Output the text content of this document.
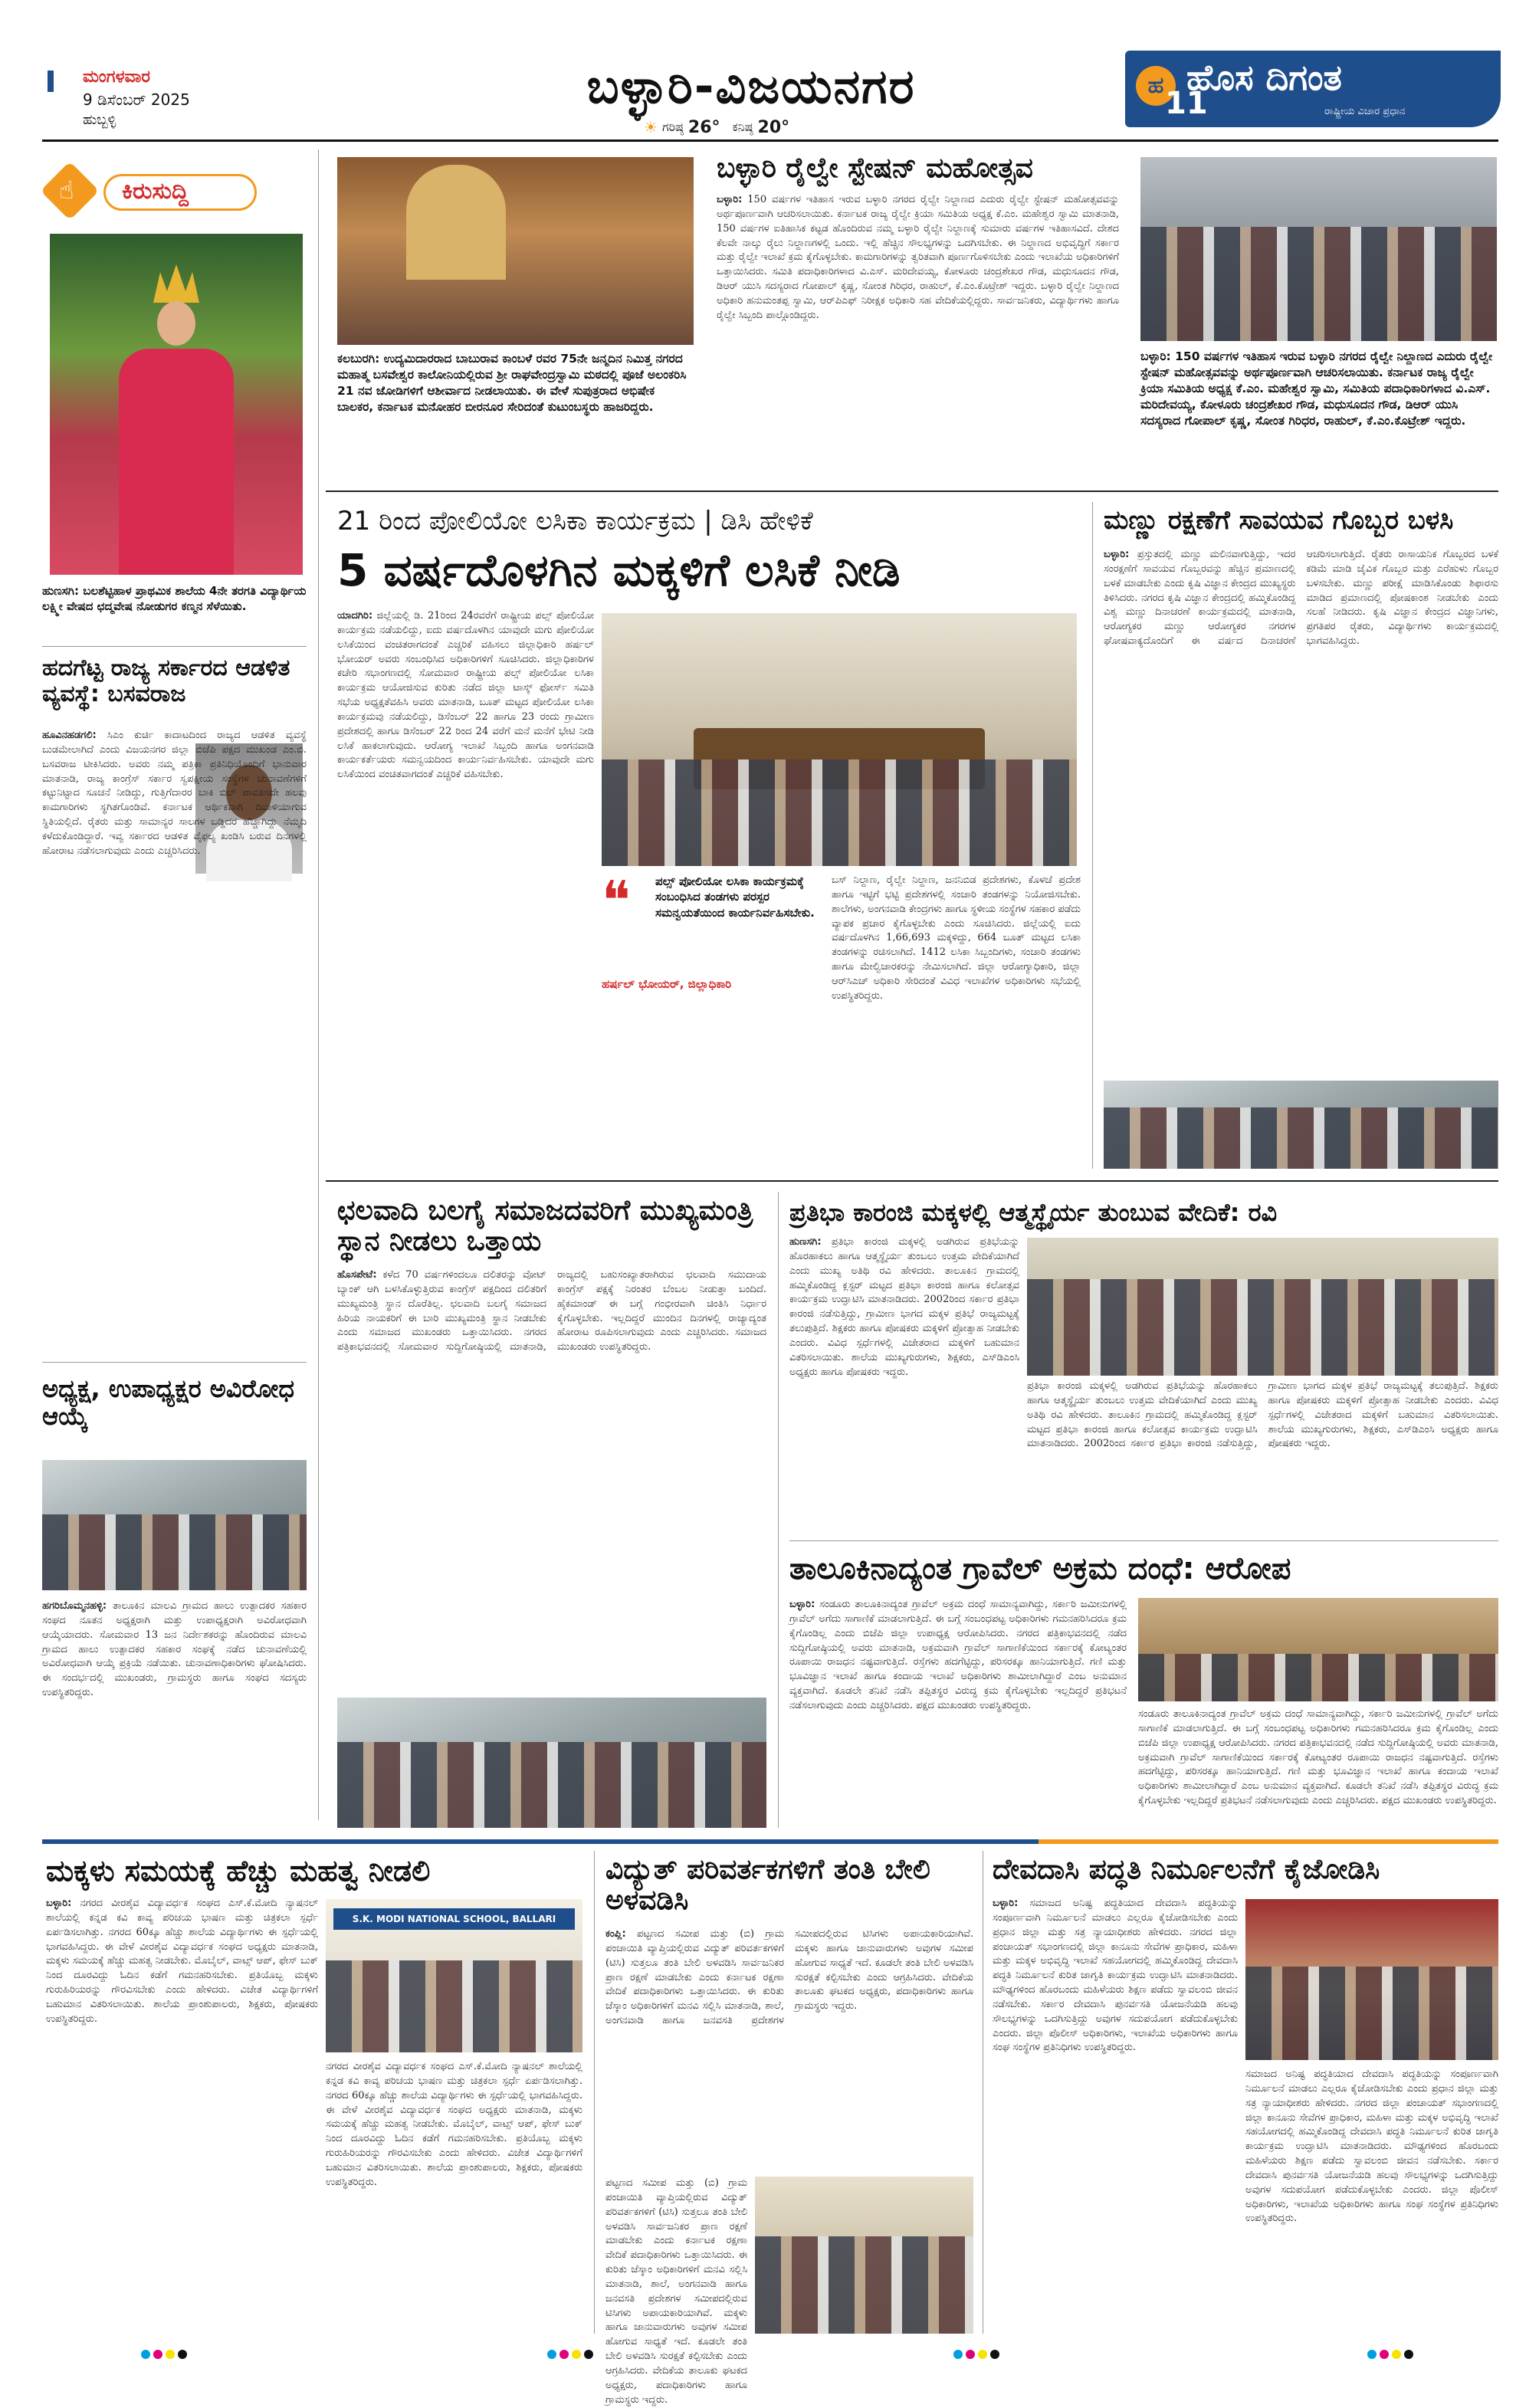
ಮಂಗಳವಾರ
9 ಡಿಸೆಂಬರ್ 2025
ಹುಬ್ಬಳ್ಳಿ
ಬಳ್ಳಾರಿ-ವಿಜಯನಗರ
☀ ಗರಿಷ್ಠ 26° ಕನಿಷ್ಠ 20°
ಹ ಹೊಸ ದಿಗಂತ
ರಾಷ್ಟ್ರೀಯ ವಿಚಾರ ಪ್ರಧಾನ
11
☝ ಕಿರುಸುದ್ದಿ
ಹುಣಸಗಿ: ಬಲಶೆಟ್ಟಿಹಾಳ ಪ್ರಾಥಮಿಕ ಶಾಲೆಯ 4ನೇ ತರಗತಿ ವಿದ್ಯಾರ್ಥಿಯ ಲಕ್ಷ್ಮೀ ವೇಷದ ಛದ್ಮವೇಷ ನೋಡುಗರ ಕಣ್ಮನ ಸೆಳೆಯಿತು.
ಹದಗೆಟ್ಟ ರಾಜ್ಯ ಸರ್ಕಾರದ ಆಡಳಿತ ವ್ಯವಸ್ಥೆ: ಬಸವರಾಜ
ಹೂವಿನಹಡಗಲಿ: ಸಿಎಂ ಕುರ್ಚಿ ಕಾದಾಟದಿಂದ ರಾಜ್ಯದ ಆಡಳಿತ ವ್ಯವಸ್ಥೆ ಬುಡಮೇಲಾಗಿದೆ ಎಂದು ವಿಜಯನಗರ ಜಿಲ್ಲಾ ಬಿಜೆಪಿ ಪಕ್ಷದ ಮುಖಂಡ ಎಂ.ಬಿ. ಬಸವರಾಜ ಟೀಕಿಸಿದರು. ಅವರು ನಮ್ಮ ಪತ್ರಿಕಾ ಪ್ರತಿನಿಧಿಯೊಂದಿಗೆ ಭಾನುವಾರ ಮಾತನಾಡಿ, ರಾಜ್ಯ ಕಾಂಗ್ರೆಸ್ ಸರ್ಕಾರ ಸ್ವಪಕ್ಷೀಯ ಸಂಸ್ಥೆಗಳ ಚುನಾವಣೆಗಳಿಗೆ ಕಟ್ಟುನಿಟ್ಟಾದ ಸೂಚನೆ ನೀಡಿದ್ದು, ಗುತ್ತಿಗೆದಾರರ ಬಾಕಿ ಬಿಲ್ ಪಾವತಿಸದೇ ಹಲವು ಕಾಮಗಾರಿಗಳು ಸ್ಥಗಿತಗೊಂಡಿವೆ. ಕರ್ನಾಟಕ ಆರ್ಥಿಕವಾಗಿ ದಿವಾಳಿಯಾಗುವ ಸ್ಥಿತಿಯಲ್ಲಿದೆ. ರೈತರು ಮತ್ತು ಸಾಮಾನ್ಯರ ಸಾಲಗಳ ಬಡ್ಡಿದರ ಹೆಚ್ಚಾಗಿದ್ದು ನೆಮ್ಮದಿ ಕಳೆದುಕೊಂಡಿದ್ದಾರೆ. ಇವ್ವ ಸರ್ಕಾರದ ಆಡಳಿತ ವೈಫಲ್ಯ ಖಂಡಿಸಿ ಬರುವ ದಿನಗಳಲ್ಲಿ ಹೋರಾಟ ನಡೆಸಲಾಗುವುದು ಎಂದು ಎಚ್ಚರಿಸಿದರು.
ಅಧ್ಯಕ್ಷ, ಉಪಾಧ್ಯಕ್ಷರ ಅವಿರೋಧ ಆಯ್ಕೆ
ಹಗರಿಬೊಮ್ಮನಹಳ್ಳಿ: ತಾಲೂಕಿನ ಮಾಲವಿ ಗ್ರಾಮದ ಹಾಲು ಉತ್ಪಾದಕರ ಸಹಕಾರ ಸಂಘದ ನೂತನ ಅಧ್ಯಕ್ಷರಾಗಿ ಮತ್ತು ಉಪಾಧ್ಯಕ್ಷರಾಗಿ ಅವಿರೋಧವಾಗಿ ಆಯ್ಕೆಯಾದರು. ಸೋಮವಾರ 13 ಜನ ನಿರ್ದೇಶಕರನ್ನು ಹೊಂದಿರುವ ಮಾಲವಿ ಗ್ರಾಮದ ಹಾಲು ಉತ್ಪಾದಕರ ಸಹಕಾರ ಸಂಘಕ್ಕೆ ನಡೆದ ಚುನಾವಣೆಯಲ್ಲಿ ಅವಿರೋಧವಾಗಿ ಆಯ್ಕೆ ಪ್ರಕ್ರಿಯೆ ನಡೆಯಿತು. ಚುನಾವಣಾಧಿಕಾರಿಗಳು ಘೋಷಿಸಿದರು. ಈ ಸಂದರ್ಭದಲ್ಲಿ ಮುಖಂಡರು, ಗ್ರಾಮಸ್ಥರು ಹಾಗೂ ಸಂಘದ ಸದಸ್ಯರು ಉಪಸ್ಥಿತರಿದ್ದರು.
ಕಲಬುರಗಿ: ಉದ್ಯಮಿದಾರರಾದ ಬಾಬುರಾವ ಕಾಂಬಳೆ ರವರ 75ನೇ ಜನ್ಮದಿನ ನಿಮಿತ್ತ ನಗರದ ಮಹಾತ್ಮ ಬಸವೇಶ್ವರ ಕಾಲೋನಿಯಲ್ಲಿರುವ ಶ್ರೀ ರಾಘವೇಂದ್ರಸ್ವಾಮಿ ಮಠದಲ್ಲಿ ಪೂಜೆ ಅಲಂಕರಿಸಿ 21 ನವ ಜೋಡಿಗಳಿಗೆ ಆಶೀರ್ವಾದ ನೀಡಲಾಯಿತು. ಈ ವೇಳೆ ಸುಪುತ್ರರಾದ ಅಭಿಷೇಕ ಬಾಲಕರ, ಕರ್ನಾಟಕ ಮನೋಹರ ಬೀರನೂರ ಸೇರಿದಂತೆ ಕುಟುಂಬಸ್ಥರು ಹಾಜರಿದ್ದರು.
ಬಳ್ಳಾರಿ ರೈಲ್ವೇ ಸ್ಟೇಷನ್ ಮಹೋತ್ಸವ
ಬಳ್ಳಾರಿ: 150 ವರ್ಷಗಳ ಇತಿಹಾಸ ಇರುವ ಬಳ್ಳಾರಿ ನಗರದ ರೈಲ್ವೇ ನಿಲ್ದಾಣದ ಎದುರು ರೈಲ್ವೇ ಸ್ಟೇಷನ್ ಮಹೋತ್ಸವವನ್ನು ಅರ್ಥಪೂರ್ಣವಾಗಿ ಆಚರಿಸಲಾಯಿತು. ಕರ್ನಾಟಕ ರಾಜ್ಯ ರೈಲ್ವೇ ಕ್ರಿಯಾ ಸಮಿತಿಯ ಅಧ್ಯಕ್ಷ ಕೆ.ಎಂ. ಮಹೇಶ್ವರ ಸ್ವಾಮಿ ಮಾತನಾಡಿ, 150 ವರ್ಷಗಳ ಐತಿಹಾಸಿಕ ಕಟ್ಟಡ ಹೊಂದಿರುವ ನಮ್ಮ ಬಳ್ಳಾರಿ ರೈಲ್ವೇ ನಿಲ್ದಾಣಕ್ಕೆ ಸುಮಾರು ವರ್ಷಗಳ ಇತಿಹಾಸವಿದೆ. ದೇಶದ ಕೆಲವೇ ನಾಲ್ಕು ರೈಲು ನಿಲ್ದಾಣಗಳಲ್ಲಿ ಒಂದು. ಇಲ್ಲಿ ಹೆಚ್ಚಿನ ಸೌಲಭ್ಯಗಳನ್ನು ಒದಗಿಸಬೇಕು. ಈ ನಿಲ್ದಾಣದ ಅಭಿವೃದ್ಧಿಗೆ ಸರ್ಕಾರ ಮತ್ತು ರೈಲ್ವೇ ಇಲಾಖೆ ಕ್ರಮ ಕೈಗೊಳ್ಳಬೇಕು. ಕಾಮಗಾರಿಗಳನ್ನು ತ್ವರಿತವಾಗಿ ಪೂರ್ಣಗೊಳಿಸಬೇಕು ಎಂದು ಇಲಾಖೆಯ ಅಧಿಕಾರಿಗಳಿಗೆ ಒತ್ತಾಯಿಸಿದರು. ಸಮಿತಿ ಪದಾಧಿಕಾರಿಗಳಾದ ವಿ.ಎಸ್. ಮರಿದೇವಯ್ಯ, ಕೋಳೂರು ಚಂದ್ರಶೇಖರ ಗೌಡ, ಮಧುಸೂದನ ಗೌಡ, ಡಿಆರ್ ಯುಸಿ ಸದಸ್ಯರಾದ ಗೋಪಾಲ್ ಕೃಷ್ಣ, ಸೋಂತ ಗಿರಿಧರ, ರಾಹುಲ್, ಕೆ.ಎಂ.ಕೊಟ್ರೇಶ್ ಇದ್ದರು. ಬಳ್ಳಾರಿ ರೈಲ್ವೇ ನಿಲ್ದಾಣದ ಅಧಿಕಾರಿ ಹನುಮಂತಪ್ಪ ಸ್ವಾಮಿ, ಆರ್‌ಪಿಎಫ್ ನಿರೀಕ್ಷಕ ಅಧಿಕಾರಿ ಸಹ ವೇದಿಕೆಯಲ್ಲಿದ್ದರು. ಸಾರ್ವಜನಿಕರು, ವಿದ್ಯಾರ್ಥಿಗಳು ಹಾಗೂ ರೈಲ್ವೇ ಸಿಬ್ಬಂದಿ ಪಾಲ್ಗೊಂಡಿದ್ದರು.
ಬಳ್ಳಾರಿ: 150 ವರ್ಷಗಳ ಇತಿಹಾಸ ಇರುವ ಬಳ್ಳಾರಿ ನಗರದ ರೈಲ್ವೇ ನಿಲ್ದಾಣದ ಎದುರು ರೈಲ್ವೇ ಸ್ಟೇಷನ್ ಮಹೋತ್ಸವವನ್ನು ಅರ್ಥಪೂರ್ಣವಾಗಿ ಆಚರಿಸಲಾಯಿತು. ಕರ್ನಾಟಕ ರಾಜ್ಯ ರೈಲ್ವೇ ಕ್ರಿಯಾ ಸಮಿತಿಯ ಅಧ್ಯಕ್ಷ ಕೆ.ಎಂ. ಮಹೇಶ್ವರ ಸ್ವಾಮಿ, ಸಮಿತಿಯ ಪದಾಧಿಕಾರಿಗಳಾದ ವಿ.ಎಸ್. ಮರಿದೇವಯ್ಯ, ಕೋಳೂರು ಚಂದ್ರಶೇಖರ ಗೌಡ, ಮಧುಸೂದನ ಗೌಡ, ಡಿಆರ್ ಯುಸಿ ಸದಸ್ಯರಾದ ಗೋಪಾಲ್ ಕೃಷ್ಣ, ಸೋಂತ ಗಿರಿಧರ, ರಾಹುಲ್, ಕೆ.ಎಂ.ಕೊಟ್ರೇಶ್ ಇದ್ದರು.
21 ರಿಂದ ಪೋಲಿಯೋ ಲಸಿಕಾ ಕಾರ್ಯಕ್ರಮ | ಡಿಸಿ ಹೇಳಿಕೆ
5 ವರ್ಷದೊಳಗಿನ ಮಕ್ಕಳಿಗೆ ಲಸಿಕೆ ನೀಡಿ
ಯಾದಗಿರಿ: ಜಿಲ್ಲೆಯಲ್ಲಿ ಡಿ. 21ರಿಂದ 24ರವರೆಗೆ ರಾಷ್ಟ್ರೀಯ ಪಲ್ಸ್ ಪೋಲಿಯೋ ಕಾರ್ಯಕ್ರಮ ನಡೆಯಲಿದ್ದು, ಐದು ವರ್ಷದೊಳಗಿನ ಯಾವುದೇ ಮಗು ಪೋಲಿಯೋ ಲಸಿಕೆಯಿಂದ ವಂಚಿತರಾಗದಂತೆ ಎಚ್ಚರಿಕೆ ವಹಿಸಲು ಜಿಲ್ಲಾಧಿಕಾರಿ ಹರ್ಷಲ್ ಭೋಯರ್ ಅವರು ಸಂಬಂಧಿಸಿದ ಅಧಿಕಾರಿಗಳಿಗೆ ಸೂಚಿಸಿದರು. ಜಿಲ್ಲಾಧಿಕಾರಿಗಳ ಕಚೇರಿ ಸಭಾಂಗಣದಲ್ಲಿ ಸೋಮವಾರ ರಾಷ್ಟ್ರೀಯ ಪಲ್ಸ್ ಪೋಲಿಯೋ ಲಸಿಕಾ ಕಾರ್ಯಕ್ರಮ ಆಯೋಜಿಸುವ ಕುರಿತು ನಡೆದ ಜಿಲ್ಲಾ ಟಾಸ್ಕ್ ಫೋರ್ಸ್ ಸಮಿತಿ ಸಭೆಯ ಅಧ್ಯಕ್ಷತೆವಹಿಸಿ ಅವರು ಮಾತನಾಡಿ, ಬೂತ್ ಮಟ್ಟದ ಪೋಲಿಯೋ ಲಸಿಕಾ ಕಾರ್ಯಕ್ರಮವು ನಡೆಯಲಿದ್ದು, ಡಿಸೆಂಬರ್ 22 ಹಾಗೂ 23 ರಂದು ಗ್ರಾಮೀಣ ಪ್ರದೇಶದಲ್ಲಿ ಹಾಗೂ ಡಿಸೆಂಬರ್ 22 ರಿಂದ 24 ವರೆಗೆ ಮನೆ ಮನೆಗೆ ಭೇಟಿ ನೀಡಿ ಲಸಿಕೆ ಹಾಕಲಾಗುವುದು. ಆರೋಗ್ಯ ಇಲಾಖೆ ಸಿಬ್ಬಂದಿ ಹಾಗೂ ಅಂಗನವಾಡಿ ಕಾರ್ಯಕರ್ತೆಯರು ಸಮನ್ವಯದಿಂದ ಕಾರ್ಯನಿರ್ವಹಿಸಬೇಕು. ಯಾವುದೇ ಮಗು ಲಸಿಕೆಯಿಂದ ವಂಚಿತವಾಗದಂತೆ ಎಚ್ಚರಿಕೆ ವಹಿಸಬೇಕು.
❝ ಪಲ್ಸ್ ಪೋಲಿಯೋ ಲಸಿಕಾ ಕಾರ್ಯಕ್ರಮಕ್ಕೆ ಸಂಬಂಧಿಸಿದ ತಂಡಗಳು ಪರಸ್ಪರ ಸಮನ್ವಯತೆಯಿಂದ ಕಾರ್ಯನಿರ್ವಹಿಸಬೇಕು.
ಹರ್ಷಲ್ ಭೋಯರ್, ಜಿಲ್ಲಾಧಿಕಾರಿ
ಬಸ್ ನಿಲ್ದಾಣ, ರೈಲ್ವೇ ನಿಲ್ದಾಣ, ಜನನಿಬಿಡ ಪ್ರದೇಶಗಳು, ಕೊಳಚೆ ಪ್ರದೇಶ ಹಾಗೂ ಇಟ್ಟಿಗೆ ಭಟ್ಟಿ ಪ್ರದೇಶಗಳಲ್ಲಿ ಸಂಚಾರಿ ತಂಡಗಳನ್ನು ನಿಯೋಜಿಸಬೇಕು. ಶಾಲೆಗಳು, ಅಂಗನವಾಡಿ ಕೇಂದ್ರಗಳು ಹಾಗೂ ಸ್ಥಳೀಯ ಸಂಸ್ಥೆಗಳ ಸಹಕಾರ ಪಡೆದು ವ್ಯಾಪಕ ಪ್ರಚಾರ ಕೈಗೊಳ್ಳಬೇಕು ಎಂದು ಸೂಚಿಸಿದರು. ಜಿಲ್ಲೆಯಲ್ಲಿ ಐದು ವರ್ಷದೊಳಗಿನ 1,66,693 ಮಕ್ಕಳಿದ್ದು, 664 ಬೂತ್ ಮಟ್ಟದ ಲಸಿಕಾ ತಂಡಗಳನ್ನು ರಚಿಸಲಾಗಿದೆ. 1412 ಲಸಿಕಾ ಸಿಬ್ಬಂದಿಗಳು, ಸಂಚಾರಿ ತಂಡಗಳು ಹಾಗೂ ಮೇಲ್ವಿಚಾರಕರನ್ನು ನೇಮಿಸಲಾಗಿದೆ. ಜಿಲ್ಲಾ ಆರೋಗ್ಯಾಧಿಕಾರಿ, ಜಿಲ್ಲಾ ಆರ್‌ಸಿಎಚ್ ಅಧಿಕಾರಿ ಸೇರಿದಂತೆ ವಿವಿಧ ಇಲಾಖೆಗಳ ಅಧಿಕಾರಿಗಳು ಸಭೆಯಲ್ಲಿ ಉಪಸ್ಥಿತರಿದ್ದರು.
ಮಣ್ಣು ರಕ್ಷಣೆಗೆ ಸಾವಯವ ಗೊಬ್ಬರ ಬಳಸಿ
ಬಳ್ಳಾರಿ: ಪ್ರಸ್ತುತದಲ್ಲಿ ಮಣ್ಣು ಮಲಿನವಾಗುತ್ತಿದ್ದು, ಇದರ ಸಂರಕ್ಷಣೆಗೆ ಸಾವಯವ ಗೊಬ್ಬರವನ್ನು ಹೆಚ್ಚಿನ ಪ್ರಮಾಣದಲ್ಲಿ ಬಳಕೆ ಮಾಡಬೇಕು ಎಂದು ಕೃಷಿ ವಿಜ್ಞಾನ ಕೇಂದ್ರದ ಮುಖ್ಯಸ್ಥರು ತಿಳಿಸಿದರು. ನಗರದ ಕೃಷಿ ವಿಜ್ಞಾನ ಕೇಂದ್ರದಲ್ಲಿ ಹಮ್ಮಿಕೊಂಡಿದ್ದ ವಿಶ್ವ ಮಣ್ಣು ದಿನಾಚರಣೆ ಕಾರ್ಯಕ್ರಮದಲ್ಲಿ ಮಾತನಾಡಿ, ಆರೋಗ್ಯಕರ ಮಣ್ಣು ಆರೋಗ್ಯಕರ ನಗರಗಳ ಘೋಷವಾಕ್ಯದೊಂದಿಗೆ ಈ ವರ್ಷದ ದಿನಾಚರಣೆ ಆಚರಿಸಲಾಗುತ್ತಿದೆ. ರೈತರು ರಾಸಾಯನಿಕ ಗೊಬ್ಬರದ ಬಳಕೆ ಕಡಿಮೆ ಮಾಡಿ ಜೈವಿಕ ಗೊಬ್ಬರ ಮತ್ತು ಎರೆಹುಳು ಗೊಬ್ಬರ ಬಳಸಬೇಕು. ಮಣ್ಣು ಪರೀಕ್ಷೆ ಮಾಡಿಸಿಕೊಂಡು ಶಿಫಾರಸು ಮಾಡಿದ ಪ್ರಮಾಣದಲ್ಲಿ ಪೋಷಕಾಂಶ ನೀಡಬೇಕು ಎಂದು ಸಲಹೆ ನೀಡಿದರು. ಕೃಷಿ ವಿಜ್ಞಾನ ಕೇಂದ್ರದ ವಿಜ್ಞಾನಿಗಳು, ಪ್ರಗತಿಪರ ರೈತರು, ವಿದ್ಯಾರ್ಥಿಗಳು ಕಾರ್ಯಕ್ರಮದಲ್ಲಿ ಭಾಗವಹಿಸಿದ್ದರು.
ಛಲವಾದಿ ಬಲಗೈ ಸಮಾಜದವರಿಗೆ ಮುಖ್ಯಮಂತ್ರಿ ಸ್ಥಾನ ನೀಡಲು ಒತ್ತಾಯ
ಹೊಸಪೇಟೆ: ಕಳೆದ 70 ವರ್ಷಗಳಿಂದಲೂ ದಲಿತರನ್ನು ವೋಟ್ ಬ್ಯಾಂಕ್ ಆಗಿ ಬಳಸಿಕೊಳ್ಳುತ್ತಿರುವ ಕಾಂಗ್ರೆಸ್ ಪಕ್ಷದಿಂದ ದಲಿತರಿಗೆ ಮುಖ್ಯಮಂತ್ರಿ ಸ್ಥಾನ ದೊರೆತಿಲ್ಲ. ಛಲವಾದಿ ಬಲಗೈ ಸಮಾಜದ ಹಿರಿಯ ನಾಯಕರಿಗೆ ಈ ಬಾರಿ ಮುಖ್ಯಮಂತ್ರಿ ಸ್ಥಾನ ನೀಡಬೇಕು ಎಂದು ಸಮಾಜದ ಮುಖಂಡರು ಒತ್ತಾಯಿಸಿದರು. ನಗರದ ಪತ್ರಿಕಾಭವನದಲ್ಲಿ ಸೋಮವಾರ ಸುದ್ದಿಗೋಷ್ಠಿಯಲ್ಲಿ ಮಾತನಾಡಿ, ರಾಜ್ಯದಲ್ಲಿ ಬಹುಸಂಖ್ಯಾತರಾಗಿರುವ ಛಲವಾದಿ ಸಮುದಾಯ ಕಾಂಗ್ರೆಸ್ ಪಕ್ಷಕ್ಕೆ ನಿರಂತರ ಬೆಂಬಲ ನೀಡುತ್ತಾ ಬಂದಿದೆ. ಹೈಕಮಾಂಡ್ ಈ ಬಗ್ಗೆ ಗಂಭೀರವಾಗಿ ಚಿಂತಿಸಿ ನಿರ್ಧಾರ ಕೈಗೊಳ್ಳಬೇಕು. ಇಲ್ಲದಿದ್ದರೆ ಮುಂದಿನ ದಿನಗಳಲ್ಲಿ ರಾಜ್ಯಾದ್ಯಂತ ಹೋರಾಟ ರೂಪಿಸಲಾಗುವುದು ಎಂದು ಎಚ್ಚರಿಸಿದರು. ಸಮಾಜದ ಮುಖಂಡರು ಉಪಸ್ಥಿತರಿದ್ದರು.
ಪ್ರತಿಭಾ ಕಾರಂಜಿ ಮಕ್ಕಳಲ್ಲಿ ಆತ್ಮಸ್ಥೈರ್ಯ ತುಂಬುವ ವೇದಿಕೆ: ರವಿ
ಹುಣಸಗಿ: ಪ್ರತಿಭಾ ಕಾರಂಜಿ ಮಕ್ಕಳಲ್ಲಿ ಅಡಗಿರುವ ಪ್ರತಿಭೆಯನ್ನು ಹೊರಹಾಕಲು ಹಾಗೂ ಆತ್ಮಸ್ಥೈರ್ಯ ತುಂಬಲು ಉತ್ತಮ ವೇದಿಕೆಯಾಗಿದೆ ಎಂದು ಮುಖ್ಯ ಅತಿಥಿ ರವಿ ಹೇಳಿದರು. ತಾಲೂಕಿನ ಗ್ರಾಮದಲ್ಲಿ ಹಮ್ಮಿಕೊಂಡಿದ್ದ ಕ್ಲಸ್ಟರ್ ಮಟ್ಟದ ಪ್ರತಿಭಾ ಕಾರಂಜಿ ಹಾಗೂ ಕಲೋತ್ಸವ ಕಾರ್ಯಕ್ರಮ ಉದ್ಘಾಟಿಸಿ ಮಾತನಾಡಿದರು. 2002ರಿಂದ ಸರ್ಕಾರ ಪ್ರತಿಭಾ ಕಾರಂಜಿ ನಡೆಸುತ್ತಿದ್ದು, ಗ್ರಾಮೀಣ ಭಾಗದ ಮಕ್ಕಳ ಪ್ರತಿಭೆ ರಾಜ್ಯಮಟ್ಟಕ್ಕೆ ತಲುಪುತ್ತಿದೆ. ಶಿಕ್ಷಕರು ಹಾಗೂ ಪೋಷಕರು ಮಕ್ಕಳಿಗೆ ಪ್ರೋತ್ಸಾಹ ನೀಡಬೇಕು ಎಂದರು. ವಿವಿಧ ಸ್ಪರ್ಧೆಗಳಲ್ಲಿ ವಿಜೇತರಾದ ಮಕ್ಕಳಿಗೆ ಬಹುಮಾನ ವಿತರಿಸಲಾಯಿತು. ಶಾಲೆಯ ಮುಖ್ಯಗುರುಗಳು, ಶಿಕ್ಷಕರು, ಎಸ್‌ಡಿಎಂಸಿ ಅಧ್ಯಕ್ಷರು ಹಾಗೂ ಪೋಷಕರು ಇದ್ದರು.
ಪ್ರತಿಭಾ ಕಾರಂಜಿ ಮಕ್ಕಳಲ್ಲಿ ಅಡಗಿರುವ ಪ್ರತಿಭೆಯನ್ನು ಹೊರಹಾಕಲು ಹಾಗೂ ಆತ್ಮಸ್ಥೈರ್ಯ ತುಂಬಲು ಉತ್ತಮ ವೇದಿಕೆಯಾಗಿದೆ ಎಂದು ಮುಖ್ಯ ಅತಿಥಿ ರವಿ ಹೇಳಿದರು. ತಾಲೂಕಿನ ಗ್ರಾಮದಲ್ಲಿ ಹಮ್ಮಿಕೊಂಡಿದ್ದ ಕ್ಲಸ್ಟರ್ ಮಟ್ಟದ ಪ್ರತಿಭಾ ಕಾರಂಜಿ ಹಾಗೂ ಕಲೋತ್ಸವ ಕಾರ್ಯಕ್ರಮ ಉದ್ಘಾಟಿಸಿ ಮಾತನಾಡಿದರು. 2002ರಿಂದ ಸರ್ಕಾರ ಪ್ರತಿಭಾ ಕಾರಂಜಿ ನಡೆಸುತ್ತಿದ್ದು, ಗ್ರಾಮೀಣ ಭಾಗದ ಮಕ್ಕಳ ಪ್ರತಿಭೆ ರಾಜ್ಯಮಟ್ಟಕ್ಕೆ ತಲುಪುತ್ತಿದೆ. ಶಿಕ್ಷಕರು ಹಾಗೂ ಪೋಷಕರು ಮಕ್ಕಳಿಗೆ ಪ್ರೋತ್ಸಾಹ ನೀಡಬೇಕು ಎಂದರು. ವಿವಿಧ ಸ್ಪರ್ಧೆಗಳಲ್ಲಿ ವಿಜೇತರಾದ ಮಕ್ಕಳಿಗೆ ಬಹುಮಾನ ವಿತರಿಸಲಾಯಿತು. ಶಾಲೆಯ ಮುಖ್ಯಗುರುಗಳು, ಶಿಕ್ಷಕರು, ಎಸ್‌ಡಿಎಂಸಿ ಅಧ್ಯಕ್ಷರು ಹಾಗೂ ಪೋಷಕರು ಇದ್ದರು.
ತಾಲೂಕಿನಾದ್ಯಂತ ಗ್ರಾವೆಲ್ ಅಕ್ರಮ ದಂಧೆ: ಆರೋಪ
ಬಳ್ಳಾರಿ: ಸಂಡೂರು ತಾಲೂಕಿನಾದ್ಯಂತ ಗ್ರಾವೆಲ್ ಅಕ್ರಮ ದಂಧೆ ಸಾಮಾನ್ಯವಾಗಿದ್ದು, ಸರ್ಕಾರಿ ಜಮೀನುಗಳಲ್ಲಿ ಗ್ರಾವೆಲ್ ಅಗೆದು ಸಾಗಾಣಿಕೆ ಮಾಡಲಾಗುತ್ತಿದೆ. ಈ ಬಗ್ಗೆ ಸಂಬಂಧಪಟ್ಟ ಅಧಿಕಾರಿಗಳು ಗಮನಹರಿಸಿದರೂ ಕ್ರಮ ಕೈಗೊಂಡಿಲ್ಲ ಎಂದು ಬಿಜೆಪಿ ಜಿಲ್ಲಾ ಉಪಾಧ್ಯಕ್ಷ ಆರೋಪಿಸಿದರು. ನಗರದ ಪತ್ರಿಕಾಭವನದಲ್ಲಿ ನಡೆದ ಸುದ್ದಿಗೋಷ್ಠಿಯಲ್ಲಿ ಅವರು ಮಾತನಾಡಿ, ಅಕ್ರಮವಾಗಿ ಗ್ರಾವೆಲ್ ಸಾಗಾಣಿಕೆಯಿಂದ ಸರ್ಕಾರಕ್ಕೆ ಕೋಟ್ಯಂತರ ರೂಪಾಯಿ ರಾಜಧನ ನಷ್ಟವಾಗುತ್ತಿದೆ. ರಸ್ತೆಗಳು ಹದಗೆಟ್ಟಿದ್ದು, ಪರಿಸರಕ್ಕೂ ಹಾನಿಯಾಗುತ್ತಿದೆ. ಗಣಿ ಮತ್ತು ಭೂವಿಜ್ಞಾನ ಇಲಾಖೆ ಹಾಗೂ ಕಂದಾಯ ಇಲಾಖೆ ಅಧಿಕಾರಿಗಳು ಶಾಮೀಲಾಗಿದ್ದಾರೆ ಎಂಬ ಅನುಮಾನ ವ್ಯಕ್ತವಾಗಿದೆ. ಕೂಡಲೇ ತನಿಖೆ ನಡೆಸಿ ತಪ್ಪಿತಸ್ಥರ ವಿರುದ್ಧ ಕ್ರಮ ಕೈಗೊಳ್ಳಬೇಕು ಇಲ್ಲದಿದ್ದರೆ ಪ್ರತಿಭಟನೆ ನಡೆಸಲಾಗುವುದು ಎಂದು ಎಚ್ಚರಿಸಿದರು. ಪಕ್ಷದ ಮುಖಂಡರು ಉಪಸ್ಥಿತರಿದ್ದರು.
ಸಂಡೂರು ತಾಲೂಕಿನಾದ್ಯಂತ ಗ್ರಾವೆಲ್ ಅಕ್ರಮ ದಂಧೆ ಸಾಮಾನ್ಯವಾಗಿದ್ದು, ಸರ್ಕಾರಿ ಜಮೀನುಗಳಲ್ಲಿ ಗ್ರಾವೆಲ್ ಅಗೆದು ಸಾಗಾಣಿಕೆ ಮಾಡಲಾಗುತ್ತಿದೆ. ಈ ಬಗ್ಗೆ ಸಂಬಂಧಪಟ್ಟ ಅಧಿಕಾರಿಗಳು ಗಮನಹರಿಸಿದರೂ ಕ್ರಮ ಕೈಗೊಂಡಿಲ್ಲ ಎಂದು ಬಿಜೆಪಿ ಜಿಲ್ಲಾ ಉಪಾಧ್ಯಕ್ಷ ಆರೋಪಿಸಿದರು. ನಗರದ ಪತ್ರಿಕಾಭವನದಲ್ಲಿ ನಡೆದ ಸುದ್ದಿಗೋಷ್ಠಿಯಲ್ಲಿ ಅವರು ಮಾತನಾಡಿ, ಅಕ್ರಮವಾಗಿ ಗ್ರಾವೆಲ್ ಸಾಗಾಣಿಕೆಯಿಂದ ಸರ್ಕಾರಕ್ಕೆ ಕೋಟ್ಯಂತರ ರೂಪಾಯಿ ರಾಜಧನ ನಷ್ಟವಾಗುತ್ತಿದೆ. ರಸ್ತೆಗಳು ಹದಗೆಟ್ಟಿದ್ದು, ಪರಿಸರಕ್ಕೂ ಹಾನಿಯಾಗುತ್ತಿದೆ. ಗಣಿ ಮತ್ತು ಭೂವಿಜ್ಞಾನ ಇಲಾಖೆ ಹಾಗೂ ಕಂದಾಯ ಇಲಾಖೆ ಅಧಿಕಾರಿಗಳು ಶಾಮೀಲಾಗಿದ್ದಾರೆ ಎಂಬ ಅನುಮಾನ ವ್ಯಕ್ತವಾಗಿದೆ. ಕೂಡಲೇ ತನಿಖೆ ನಡೆಸಿ ತಪ್ಪಿತಸ್ಥರ ವಿರುದ್ಧ ಕ್ರಮ ಕೈಗೊಳ್ಳಬೇಕು ಇಲ್ಲದಿದ್ದರೆ ಪ್ರತಿಭಟನೆ ನಡೆಸಲಾಗುವುದು ಎಂದು ಎಚ್ಚರಿಸಿದರು. ಪಕ್ಷದ ಮುಖಂಡರು ಉಪಸ್ಥಿತರಿದ್ದರು.
ಮಕ್ಕಳು ಸಮಯಕ್ಕೆ ಹೆಚ್ಚು ಮಹತ್ವ ನೀಡಲಿ
ಬಳ್ಳಾರಿ: ನಗರದ ವೀರಶೈವ ವಿದ್ಯಾವರ್ಧಕ ಸಂಘದ ಎಸ್.ಕೆ.ಮೋದಿ ನ್ಯಾಷನಲ್ ಶಾಲೆಯಲ್ಲಿ ಕನ್ನಡ ಕವಿ ಕಾವ್ಯ ಪರಿಚಯ ಭಾಷಣ ಮತ್ತು ಚಿತ್ರಕಲಾ ಸ್ಪರ್ಧೆ ಏರ್ಪಡಿಸಲಾಗಿತ್ತು. ನಗರದ 60ಕ್ಕೂ ಹೆಚ್ಚು ಶಾಲೆಯ ವಿದ್ಯಾರ್ಥಿಗಳು ಈ ಸ್ಪರ್ಧೆಯಲ್ಲಿ ಭಾಗವಹಿಸಿದ್ದರು. ಈ ವೇಳೆ ವೀರಶೈವ ವಿದ್ಯಾವರ್ಧಕ ಸಂಘದ ಅಧ್ಯಕ್ಷರು ಮಾತನಾಡಿ, ಮಕ್ಕಳು ಸಮಯಕ್ಕೆ ಹೆಚ್ಚು ಮಹತ್ವ ನೀಡಬೇಕು. ಮೊಬೈಲ್, ವಾಟ್ಸ್ ಆಪ್, ಫೇಸ್ ಬುಕ್ ನಿಂದ ದೂರವಿದ್ದು ಓದಿನ ಕಡೆಗೆ ಗಮನಹರಿಸಬೇಕು. ಪ್ರತಿಯೊಬ್ಬ ಮಕ್ಕಳು ಗುರುಹಿರಿಯರನ್ನು ಗೌರವಿಸಬೇಕು ಎಂದು ಹೇಳಿದರು. ವಿಜೇತ ವಿದ್ಯಾರ್ಥಿಗಳಿಗೆ ಬಹುಮಾನ ವಿತರಿಸಲಾಯಿತು. ಶಾಲೆಯ ಪ್ರಾಂಶುಪಾಲರು, ಶಿಕ್ಷಕರು, ಪೋಷಕರು ಉಪಸ್ಥಿತರಿದ್ದರು.
S.K. MODI NATIONAL SCHOOL, BALLARI
ನಗರದ ವೀರಶೈವ ವಿದ್ಯಾವರ್ಧಕ ಸಂಘದ ಎಸ್.ಕೆ.ಮೋದಿ ನ್ಯಾಷನಲ್ ಶಾಲೆಯಲ್ಲಿ ಕನ್ನಡ ಕವಿ ಕಾವ್ಯ ಪರಿಚಯ ಭಾಷಣ ಮತ್ತು ಚಿತ್ರಕಲಾ ಸ್ಪರ್ಧೆ ಏರ್ಪಡಿಸಲಾಗಿತ್ತು. ನಗರದ 60ಕ್ಕೂ ಹೆಚ್ಚು ಶಾಲೆಯ ವಿದ್ಯಾರ್ಥಿಗಳು ಈ ಸ್ಪರ್ಧೆಯಲ್ಲಿ ಭಾಗವಹಿಸಿದ್ದರು. ಈ ವೇಳೆ ವೀರಶೈವ ವಿದ್ಯಾವರ್ಧಕ ಸಂಘದ ಅಧ್ಯಕ್ಷರು ಮಾತನಾಡಿ, ಮಕ್ಕಳು ಸಮಯಕ್ಕೆ ಹೆಚ್ಚು ಮಹತ್ವ ನೀಡಬೇಕು. ಮೊಬೈಲ್, ವಾಟ್ಸ್ ಆಪ್, ಫೇಸ್ ಬುಕ್ ನಿಂದ ದೂರವಿದ್ದು ಓದಿನ ಕಡೆಗೆ ಗಮನಹರಿಸಬೇಕು. ಪ್ರತಿಯೊಬ್ಬ ಮಕ್ಕಳು ಗುರುಹಿರಿಯರನ್ನು ಗೌರವಿಸಬೇಕು ಎಂದು ಹೇಳಿದರು. ವಿಜೇತ ವಿದ್ಯಾರ್ಥಿಗಳಿಗೆ ಬಹುಮಾನ ವಿತರಿಸಲಾಯಿತು. ಶಾಲೆಯ ಪ್ರಾಂಶುಪಾಲರು, ಶಿಕ್ಷಕರು, ಪೋಷಕರು ಉಪಸ್ಥಿತರಿದ್ದರು.
ವಿದ್ಯುತ್ ಪರಿವರ್ತಕಗಳಿಗೆ ತಂತಿ ಬೇಲಿ ಅಳವಡಿಸಿ
ಕಂಪ್ಲಿ: ಪಟ್ಟಣದ ಸಮೀಪ ಮತ್ತು (ಬಿ) ಗ್ರಾಮ ಪಂಚಾಯಿತಿ ವ್ಯಾಪ್ತಿಯಲ್ಲಿರುವ ವಿದ್ಯುತ್ ಪರಿವರ್ತಕಗಳಿಗೆ (ಟಿಸಿ) ಸುತ್ತಲೂ ತಂತಿ ಬೇಲಿ ಅಳವಡಿಸಿ ಸಾರ್ವಜನಿಕರ ಪ್ರಾಣ ರಕ್ಷಣೆ ಮಾಡಬೇಕು ಎಂದು ಕರ್ನಾಟಕ ರಕ್ಷಣಾ ವೇದಿಕೆ ಪದಾಧಿಕಾರಿಗಳು ಒತ್ತಾಯಿಸಿದರು. ಈ ಕುರಿತು ಜೆಸ್ಕಾಂ ಅಧಿಕಾರಿಗಳಿಗೆ ಮನವಿ ಸಲ್ಲಿಸಿ ಮಾತನಾಡಿ, ಶಾಲೆ, ಅಂಗನವಾಡಿ ಹಾಗೂ ಜನವಸತಿ ಪ್ರದೇಶಗಳ ಸಮೀಪದಲ್ಲಿರುವ ಟಿಸಿಗಳು ಅಪಾಯಕಾರಿಯಾಗಿವೆ. ಮಕ್ಕಳು ಹಾಗೂ ಜಾನುವಾರುಗಳು ಅವುಗಳ ಸಮೀಪ ಹೋಗುವ ಸಾಧ್ಯತೆ ಇದೆ. ಕೂಡಲೇ ತಂತಿ ಬೇಲಿ ಅಳವಡಿಸಿ ಸುರಕ್ಷತೆ ಕಲ್ಪಿಸಬೇಕು ಎಂದು ಆಗ್ರಹಿಸಿದರು. ವೇದಿಕೆಯ ತಾಲೂಕು ಘಟಕದ ಅಧ್ಯಕ್ಷರು, ಪದಾಧಿಕಾರಿಗಳು ಹಾಗೂ ಗ್ರಾಮಸ್ಥರು ಇದ್ದರು.
ಪಟ್ಟಣದ ಸಮೀಪ ಮತ್ತು (ಬಿ) ಗ್ರಾಮ ಪಂಚಾಯಿತಿ ವ್ಯಾಪ್ತಿಯಲ್ಲಿರುವ ವಿದ್ಯುತ್ ಪರಿವರ್ತಕಗಳಿಗೆ (ಟಿಸಿ) ಸುತ್ತಲೂ ತಂತಿ ಬೇಲಿ ಅಳವಡಿಸಿ ಸಾರ್ವಜನಿಕರ ಪ್ರಾಣ ರಕ್ಷಣೆ ಮಾಡಬೇಕು ಎಂದು ಕರ್ನಾಟಕ ರಕ್ಷಣಾ ವೇದಿಕೆ ಪದಾಧಿಕಾರಿಗಳು ಒತ್ತಾಯಿಸಿದರು. ಈ ಕುರಿತು ಜೆಸ್ಕಾಂ ಅಧಿಕಾರಿಗಳಿಗೆ ಮನವಿ ಸಲ್ಲಿಸಿ ಮಾತನಾಡಿ, ಶಾಲೆ, ಅಂಗನವಾಡಿ ಹಾಗೂ ಜನವಸತಿ ಪ್ರದೇಶಗಳ ಸಮೀಪದಲ್ಲಿರುವ ಟಿಸಿಗಳು ಅಪಾಯಕಾರಿಯಾಗಿವೆ. ಮಕ್ಕಳು ಹಾಗೂ ಜಾನುವಾರುಗಳು ಅವುಗಳ ಸಮೀಪ ಹೋಗುವ ಸಾಧ್ಯತೆ ಇದೆ. ಕೂಡಲೇ ತಂತಿ ಬೇಲಿ ಅಳವಡಿಸಿ ಸುರಕ್ಷತೆ ಕಲ್ಪಿಸಬೇಕು ಎಂದು ಆಗ್ರಹಿಸಿದರು. ವೇದಿಕೆಯ ತಾಲೂಕು ಘಟಕದ ಅಧ್ಯಕ್ಷರು, ಪದಾಧಿಕಾರಿಗಳು ಹಾಗೂ ಗ್ರಾಮಸ್ಥರು ಇದ್ದರು.
ದೇವದಾಸಿ ಪದ್ಧತಿ ನಿರ್ಮೂಲನೆಗೆ ಕೈಜೋಡಿಸಿ
ಬಳ್ಳಾರಿ: ಸಮಾಜದ ಅನಿಷ್ಟ ಪದ್ಧತಿಯಾದ ದೇವದಾಸಿ ಪದ್ಧತಿಯನ್ನು ಸಂಪೂರ್ಣವಾಗಿ ನಿರ್ಮೂಲನೆ ಮಾಡಲು ಎಲ್ಲರೂ ಕೈಜೋಡಿಸಬೇಕು ಎಂದು ಪ್ರಧಾನ ಜಿಲ್ಲಾ ಮತ್ತು ಸತ್ರ ನ್ಯಾಯಾಧೀಶರು ಹೇಳಿದರು. ನಗರದ ಜಿಲ್ಲಾ ಪಂಚಾಯತ್ ಸಭಾಂಗಣದಲ್ಲಿ ಜಿಲ್ಲಾ ಕಾನೂನು ಸೇವೆಗಳ ಪ್ರಾಧಿಕಾರ, ಮಹಿಳಾ ಮತ್ತು ಮಕ್ಕಳ ಅಭಿವೃದ್ಧಿ ಇಲಾಖೆ ಸಹಯೋಗದಲ್ಲಿ ಹಮ್ಮಿಕೊಂಡಿದ್ದ ದೇವದಾಸಿ ಪದ್ಧತಿ ನಿರ್ಮೂಲನೆ ಕುರಿತ ಜಾಗೃತಿ ಕಾರ್ಯಕ್ರಮ ಉದ್ಘಾಟಿಸಿ ಮಾತನಾಡಿದರು. ಮೌಢ್ಯಗಳಿಂದ ಹೊರಬಂದು ಮಹಿಳೆಯರು ಶಿಕ್ಷಣ ಪಡೆದು ಸ್ವಾವಲಂಬಿ ಜೀವನ ನಡೆಸಬೇಕು. ಸರ್ಕಾರ ದೇವದಾಸಿ ಪುನರ್ವಸತಿ ಯೋಜನೆಯಡಿ ಹಲವು ಸೌಲಭ್ಯಗಳನ್ನು ಒದಗಿಸುತ್ತಿದ್ದು ಅವುಗಳ ಸದುಪಯೋಗ ಪಡೆದುಕೊಳ್ಳಬೇಕು ಎಂದರು. ಜಿಲ್ಲಾ ಪೊಲೀಸ್ ಅಧಿಕಾರಿಗಳು, ಇಲಾಖೆಯ ಅಧಿಕಾರಿಗಳು ಹಾಗೂ ಸಂಘ ಸಂಸ್ಥೆಗಳ ಪ್ರತಿನಿಧಿಗಳು ಉಪಸ್ಥಿತರಿದ್ದರು.
ಸಮಾಜದ ಅನಿಷ್ಟ ಪದ್ಧತಿಯಾದ ದೇವದಾಸಿ ಪದ್ಧತಿಯನ್ನು ಸಂಪೂರ್ಣವಾಗಿ ನಿರ್ಮೂಲನೆ ಮಾಡಲು ಎಲ್ಲರೂ ಕೈಜೋಡಿಸಬೇಕು ಎಂದು ಪ್ರಧಾನ ಜಿಲ್ಲಾ ಮತ್ತು ಸತ್ರ ನ್ಯಾಯಾಧೀಶರು ಹೇಳಿದರು. ನಗರದ ಜಿಲ್ಲಾ ಪಂಚಾಯತ್ ಸಭಾಂಗಣದಲ್ಲಿ ಜಿಲ್ಲಾ ಕಾನೂನು ಸೇವೆಗಳ ಪ್ರಾಧಿಕಾರ, ಮಹಿಳಾ ಮತ್ತು ಮಕ್ಕಳ ಅಭಿವೃದ್ಧಿ ಇಲಾಖೆ ಸಹಯೋಗದಲ್ಲಿ ಹಮ್ಮಿಕೊಂಡಿದ್ದ ದೇವದಾಸಿ ಪದ್ಧತಿ ನಿರ್ಮೂಲನೆ ಕುರಿತ ಜಾಗೃತಿ ಕಾರ್ಯಕ್ರಮ ಉದ್ಘಾಟಿಸಿ ಮಾತನಾಡಿದರು. ಮೌಢ್ಯಗಳಿಂದ ಹೊರಬಂದು ಮಹಿಳೆಯರು ಶಿಕ್ಷಣ ಪಡೆದು ಸ್ವಾವಲಂಬಿ ಜೀವನ ನಡೆಸಬೇಕು. ಸರ್ಕಾರ ದೇವದಾಸಿ ಪುನರ್ವಸತಿ ಯೋಜನೆಯಡಿ ಹಲವು ಸೌಲಭ್ಯಗಳನ್ನು ಒದಗಿಸುತ್ತಿದ್ದು ಅವುಗಳ ಸದುಪಯೋಗ ಪಡೆದುಕೊಳ್ಳಬೇಕು ಎಂದರು. ಜಿಲ್ಲಾ ಪೊಲೀಸ್ ಅಧಿಕಾರಿಗಳು, ಇಲಾಖೆಯ ಅಧಿಕಾರಿಗಳು ಹಾಗೂ ಸಂಘ ಸಂಸ್ಥೆಗಳ ಪ್ರತಿನಿಧಿಗಳು ಉಪಸ್ಥಿತರಿದ್ದರು.
